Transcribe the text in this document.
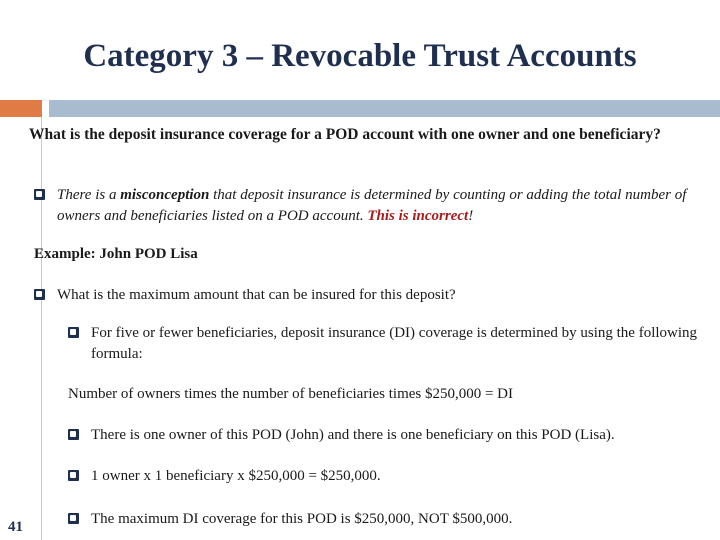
Category 3 – Revocable Trust Accounts
41
What is the deposit insurance coverage for a POD account with one owner and one beneficiary?
There is a misconception that deposit insurance is determined by counting or adding the total number of owners and beneficiaries listed on a POD account. This is incorrect!
Example: John POD Lisa
What is the maximum amount that can be insured for this deposit?
For five or fewer beneficiaries, deposit insurance (DI) coverage is determined by using the following formula:
Number of owners times the number of beneficiaries times $250,000 = DI
There is one owner of this POD (John) and there is one beneficiary on this POD (Lisa).
1 owner x 1 beneficiary x $250,000 = $250,000.
The maximum DI coverage for this POD is $250,000, NOT $500,000.
